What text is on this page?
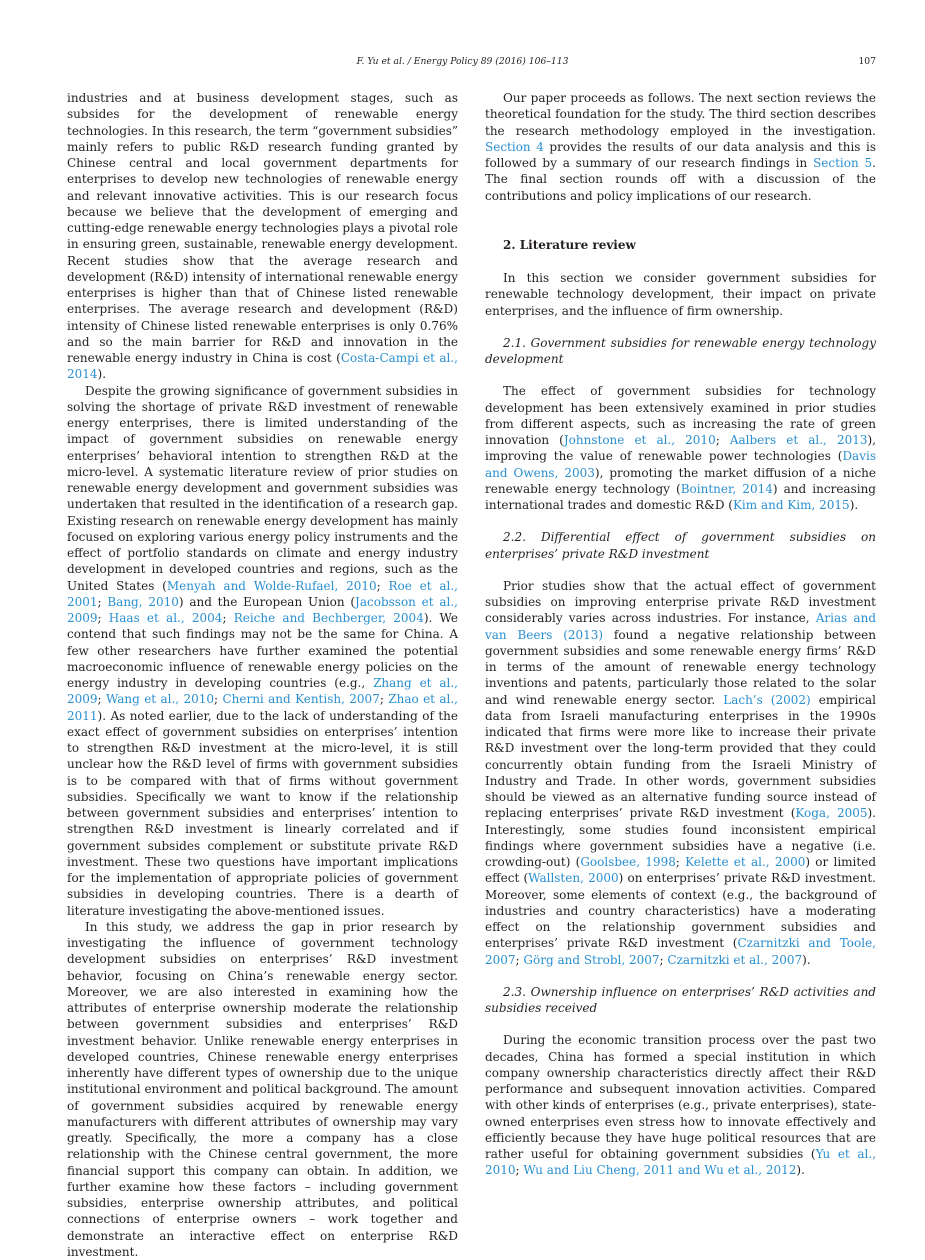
F. Yu et al. / Energy Policy 89 (2016) 106–113	107

industries and at business development stages, such as subsides for the development of renewable energy technologies. In this research, the term “government subsidies” mainly refers to public R&D research funding granted by Chinese central and local government departments for enterprises to develop new technologies of renewable energy and relevant innovative activities. This is our research focus because we believe that the development of emerging and cutting-edge renewable energy technologies plays a pivotal role in ensuring green, sustainable, renewable energy development. Recent studies show that the average research and development (R&D) intensity of international renewable energy enterprises is higher than that of Chinese listed renewable enterprises. The average research and development (R&D) intensity of Chinese listed renewable enterprises is only 0.76% and so the main barrier for R&D and innovation in the renewable energy industry in China is cost (Costa-Campi et al., 2014).

Despite the growing significance of government subsidies in solving the shortage of private R&D investment of renewable energy enterprises, there is limited understanding of the impact of government subsidies on renewable energy enterprises’ behavioral intention to strengthen R&D at the micro-level. A systematic literature review of prior studies on renewable energy development and government subsidies was undertaken that resulted in the identification of a research gap. Existing research on renewable energy development has mainly focused on exploring various energy policy instruments and the effect of portfolio standards on climate and energy industry development in developed countries and regions, such as the United States (Menyah and Wolde-Rufael, 2010; Roe et al., 2001; Bang, 2010) and the European Union (Jacobsson et al., 2009; Haas et al., 2004; Reiche and Bechberger, 2004). We contend that such findings may not be the same for China. A few other researchers have further examined the potential macroeconomic influence of renewable energy policies on the energy industry in developing countries (e.g., Zhang et al., 2009; Wang et al., 2010; Cherni and Kentish, 2007; Zhao et al., 2011). As noted earlier, due to the lack of understanding of the exact effect of government subsidies on enterprises’ intention to strengthen R&D investment at the micro-level, it is still unclear how the R&D level of firms with government subsidies is to be compared with that of firms without government subsidies. Specifically we want to know if the relationship between government subsidies and enterprises’ intention to strengthen R&D investment is linearly correlated and if government subsides complement or substitute private R&D investment. These two questions have important implications for the implementation of appropriate policies of government subsidies in developing countries. There is a dearth of literature investigating the above-mentioned issues.

In this study, we address the gap in prior research by investigating the influence of government technology development subsidies on enterprises’ R&D investment behavior, focusing on China’s renewable energy sector. Moreover, we are also interested in examining how the attributes of enterprise ownership moderate the relationship between government subsidies and enterprises’ R&D investment behavior. Unlike renewable energy enterprises in developed countries, Chinese renewable energy enterprises inherently have different types of ownership due to the unique institutional environment and political background. The amount of government subsidies acquired by renewable energy manufacturers with different attributes of ownership may vary greatly. Specifically, the more a company has a close relationship with the Chinese central government, the more financial support this company can obtain. In addition, we further examine how these factors – including government subsidies, enterprise ownership attributes, and political connections of enterprise owners – work together and demonstrate an interactive effect on enterprise R&D investment.

Our paper proceeds as follows. The next section reviews the theoretical foundation for the study. The third section describes the research methodology employed in the investigation. Section 4 provides the results of our data analysis and this is followed by a summary of our research findings in Section 5. The final section rounds off with a discussion of the contributions and policy implications of our research.

2. Literature review

In this section we consider government subsidies for renewable technology development, their impact on private enterprises, and the influence of firm ownership.

2.1. Government subsidies for renewable energy technology development

The effect of government subsidies for technology development has been extensively examined in prior studies from different aspects, such as increasing the rate of green innovation (Johnstone et al., 2010; Aalbers et al., 2013), improving the value of renewable power technologies (Davis and Owens, 2003), promoting the market diffusion of a niche renewable energy technology (Bointner, 2014) and increasing international trades and domestic R&D (Kim and Kim, 2015).

2.2. Differential effect of government subsidies on enterprises’ private R&D investment

Prior studies show that the actual effect of government subsidies on improving enterprise private R&D investment considerably varies across industries. For instance, Arias and van Beers (2013) found a negative relationship between government subsidies and some renewable energy firms’ R&D in terms of the amount of renewable energy technology inventions and patents, particularly those related to the solar and wind renewable energy sector. Lach’s (2002) empirical data from Israeli manufacturing enterprises in the 1990s indicated that firms were more like to increase their private R&D investment over the long-term provided that they could concurrently obtain funding from the Israeli Ministry of Industry and Trade. In other words, government subsidies should be viewed as an alternative funding source instead of replacing enterprises’ private R&D investment (Koga, 2005). Interestingly, some studies found inconsistent empirical findings where government subsidies have a negative (i.e. crowding-out) (Goolsbee, 1998; Kelette et al., 2000) or limited effect (Wallsten, 2000) on enterprises’ private R&D investment. Moreover, some elements of context (e.g., the background of industries and country characteristics) have a moderating effect on the relationship government subsidies and enterprises’ private R&D investment (Czarnitzki and Toole, 2007; Görg and Strobl, 2007; Czarnitzki et al., 2007).

2.3. Ownership influence on enterprises’ R&D activities and subsidies received

During the economic transition process over the past two decades, China has formed a special institution in which company ownership characteristics directly affect their R&D performance and subsequent innovation activities. Compared with other kinds of enterprises (e.g., private enterprises), state-owned enterprises even stress how to innovate effectively and efficiently because they have huge political resources that are rather useful for obtaining government subsidies (Yu et al., 2010; Wu and Liu Cheng, 2011 and Wu et al., 2012).
